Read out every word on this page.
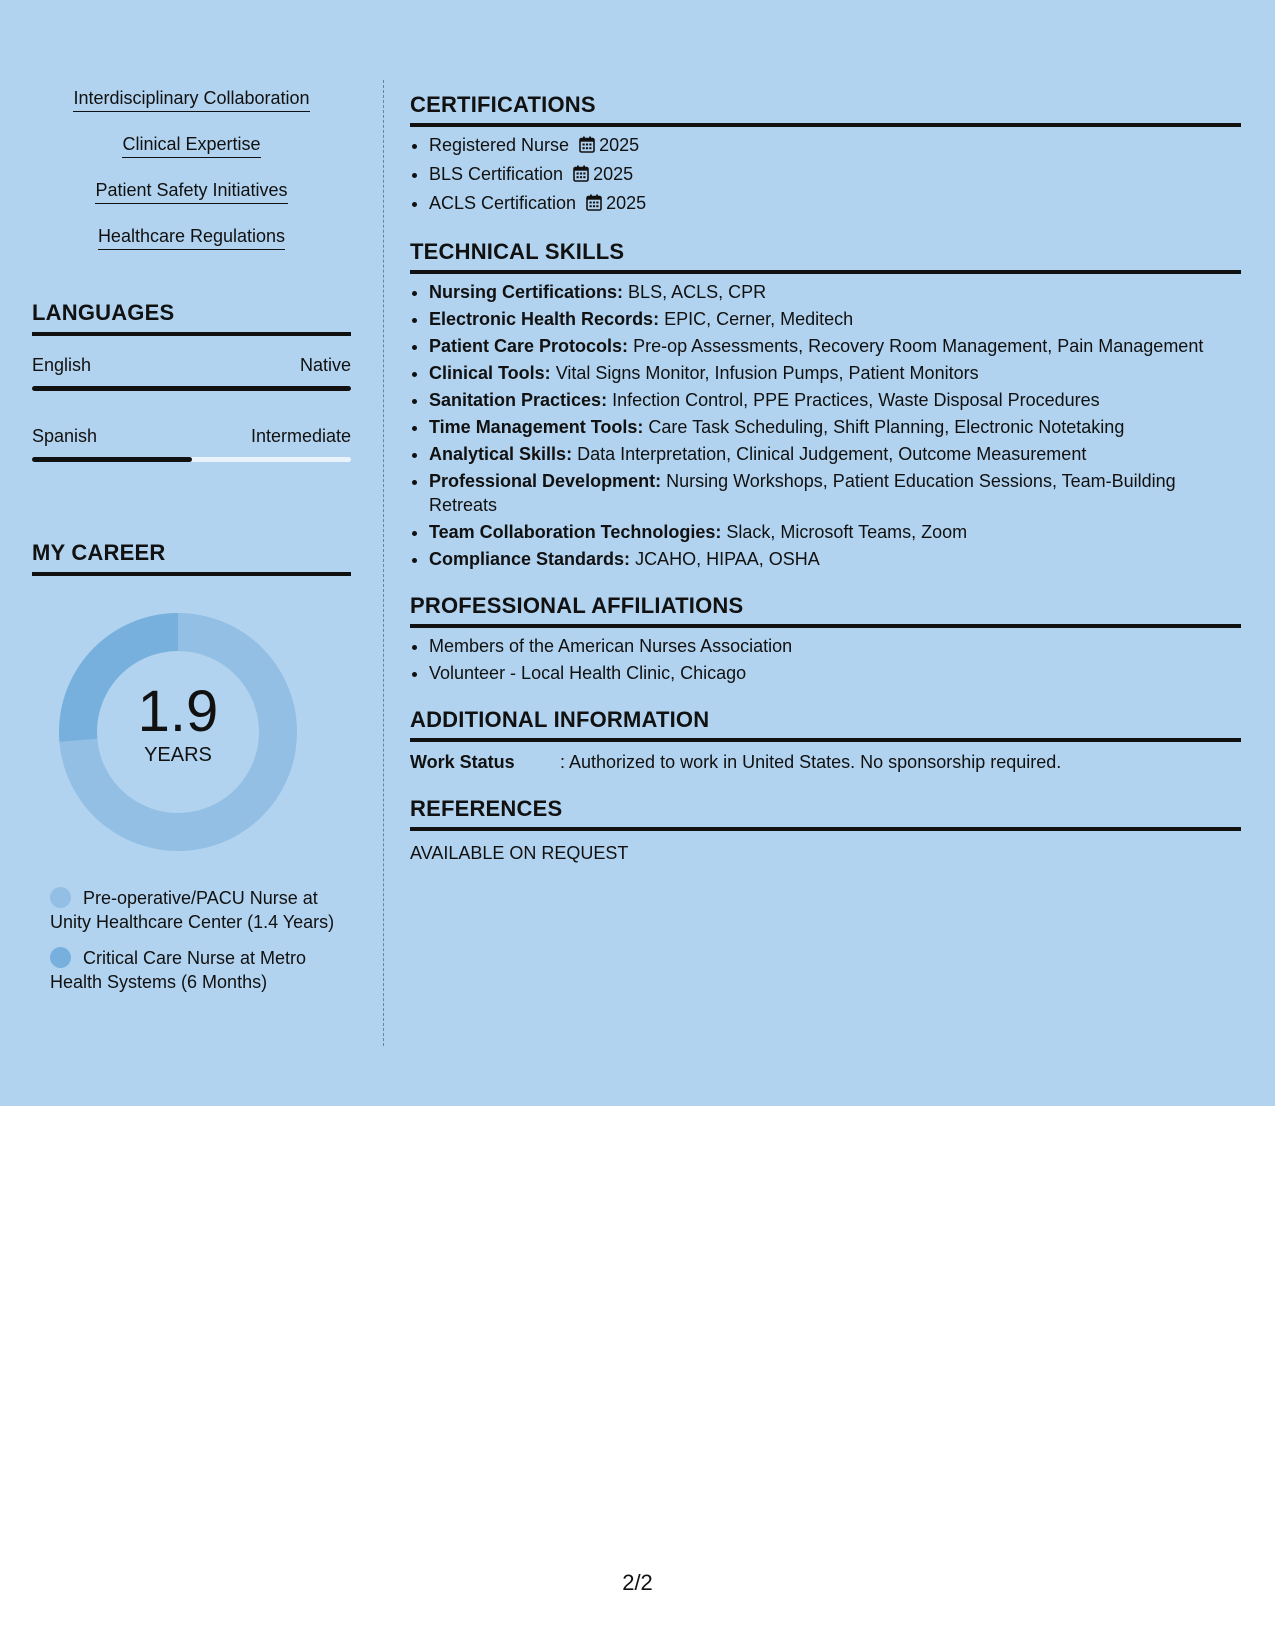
Interdisciplinary Collaboration
Clinical Expertise
Patient Safety Initiatives
Healthcare Regulations
LANGUAGES
English	Native
Spanish	Intermediate
MY CAREER
1.9
YEARS
Pre-operative/PACU Nurse at Unity Healthcare Center (1.4 Years)
Critical Care Nurse at Metro Health Systems (6 Months)
CERTIFICATIONS
• Registered Nurse 2025
• BLS Certification 2025
• ACLS Certification 2025
TECHNICAL SKILLS
• Nursing Certifications: BLS, ACLS, CPR
• Electronic Health Records: EPIC, Cerner, Meditech
• Patient Care Protocols: Pre-op Assessments, Recovery Room Management, Pain Management
• Clinical Tools: Vital Signs Monitor, Infusion Pumps, Patient Monitors
• Sanitation Practices: Infection Control, PPE Practices, Waste Disposal Procedures
• Time Management Tools: Care Task Scheduling, Shift Planning, Electronic Notetaking
• Analytical Skills: Data Interpretation, Clinical Judgement, Outcome Measurement
• Professional Development: Nursing Workshops, Patient Education Sessions, Team-Building Retreats
• Team Collaboration Technologies: Slack, Microsoft Teams, Zoom
• Compliance Standards: JCAHO, HIPAA, OSHA
PROFESSIONAL AFFILIATIONS
• Members of the American Nurses Association
• Volunteer - Local Health Clinic, Chicago
ADDITIONAL INFORMATION
Work Status	: Authorized to work in United States. No sponsorship required.
REFERENCES
AVAILABLE ON REQUEST
2/2
